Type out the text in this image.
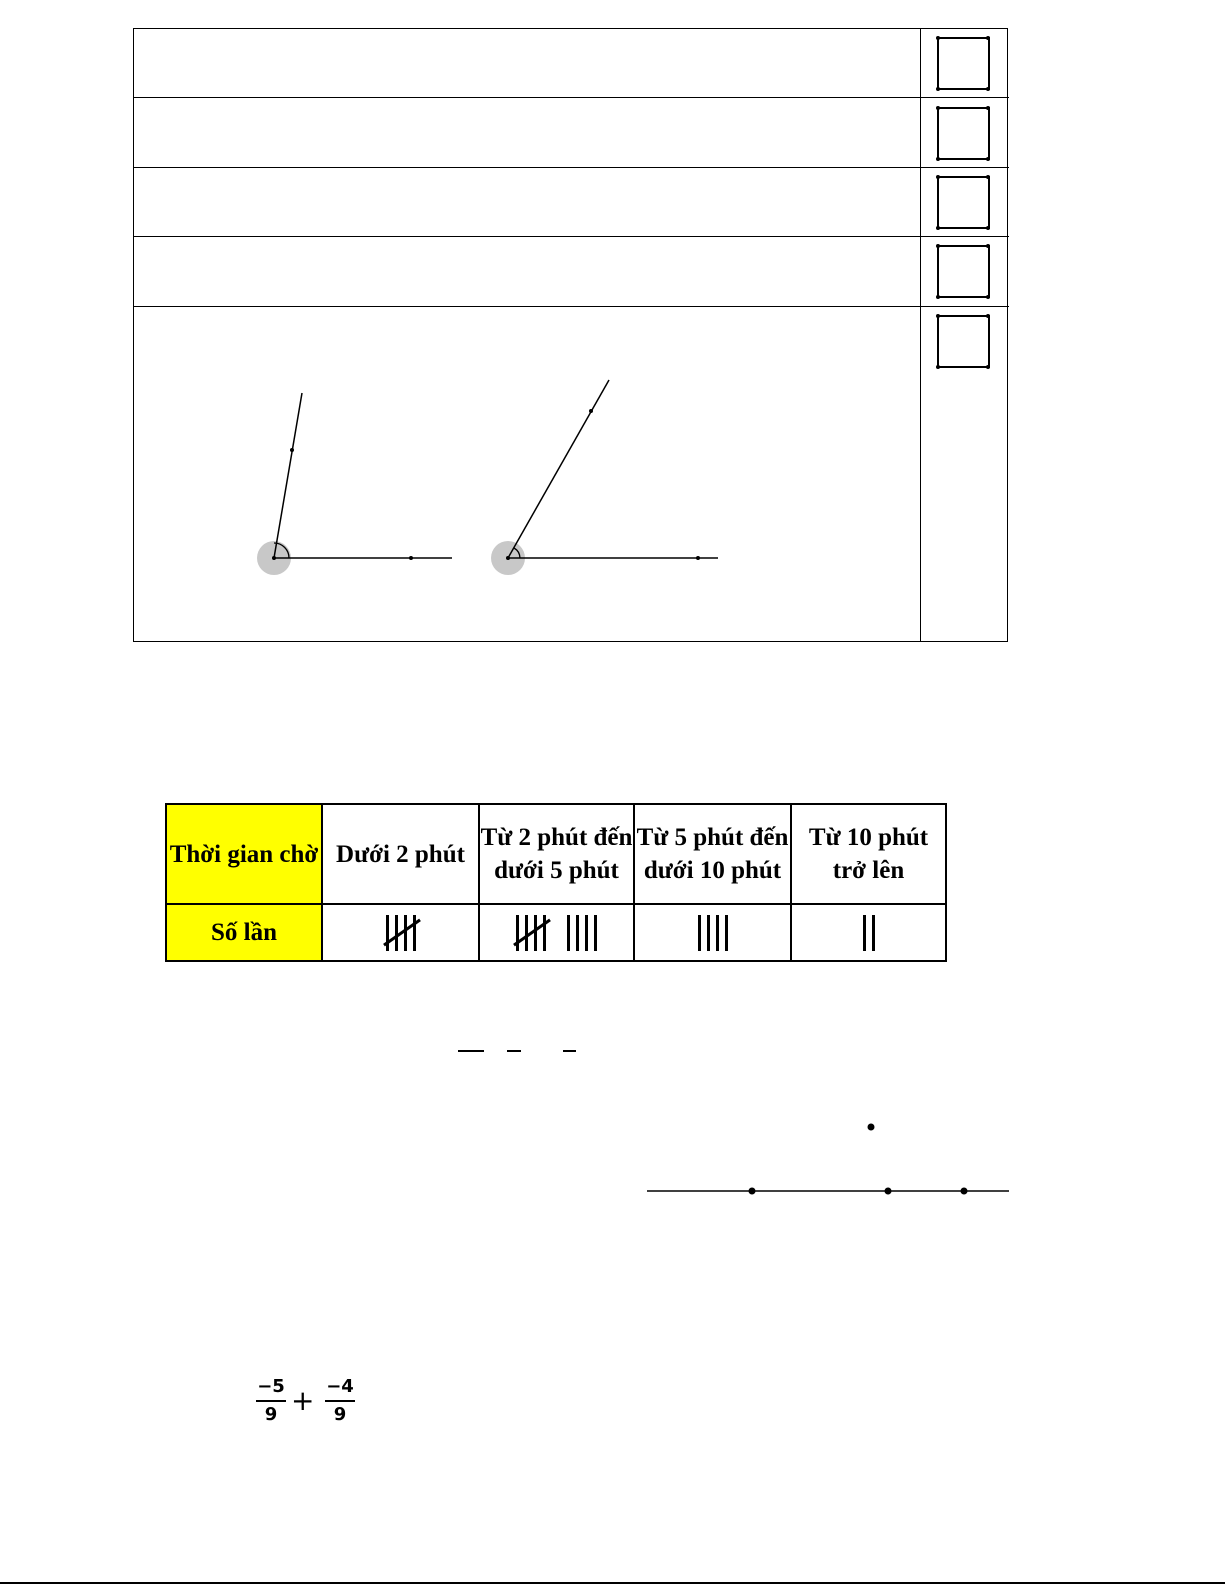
Thời gian chờ	Dưới 2 phút	Từ 2 phút đến dưới 5 phút	Từ 5 phút đến dưới 10 phút	Từ 10 phút trở lên
Số lần	

−5
9 + −4
9
